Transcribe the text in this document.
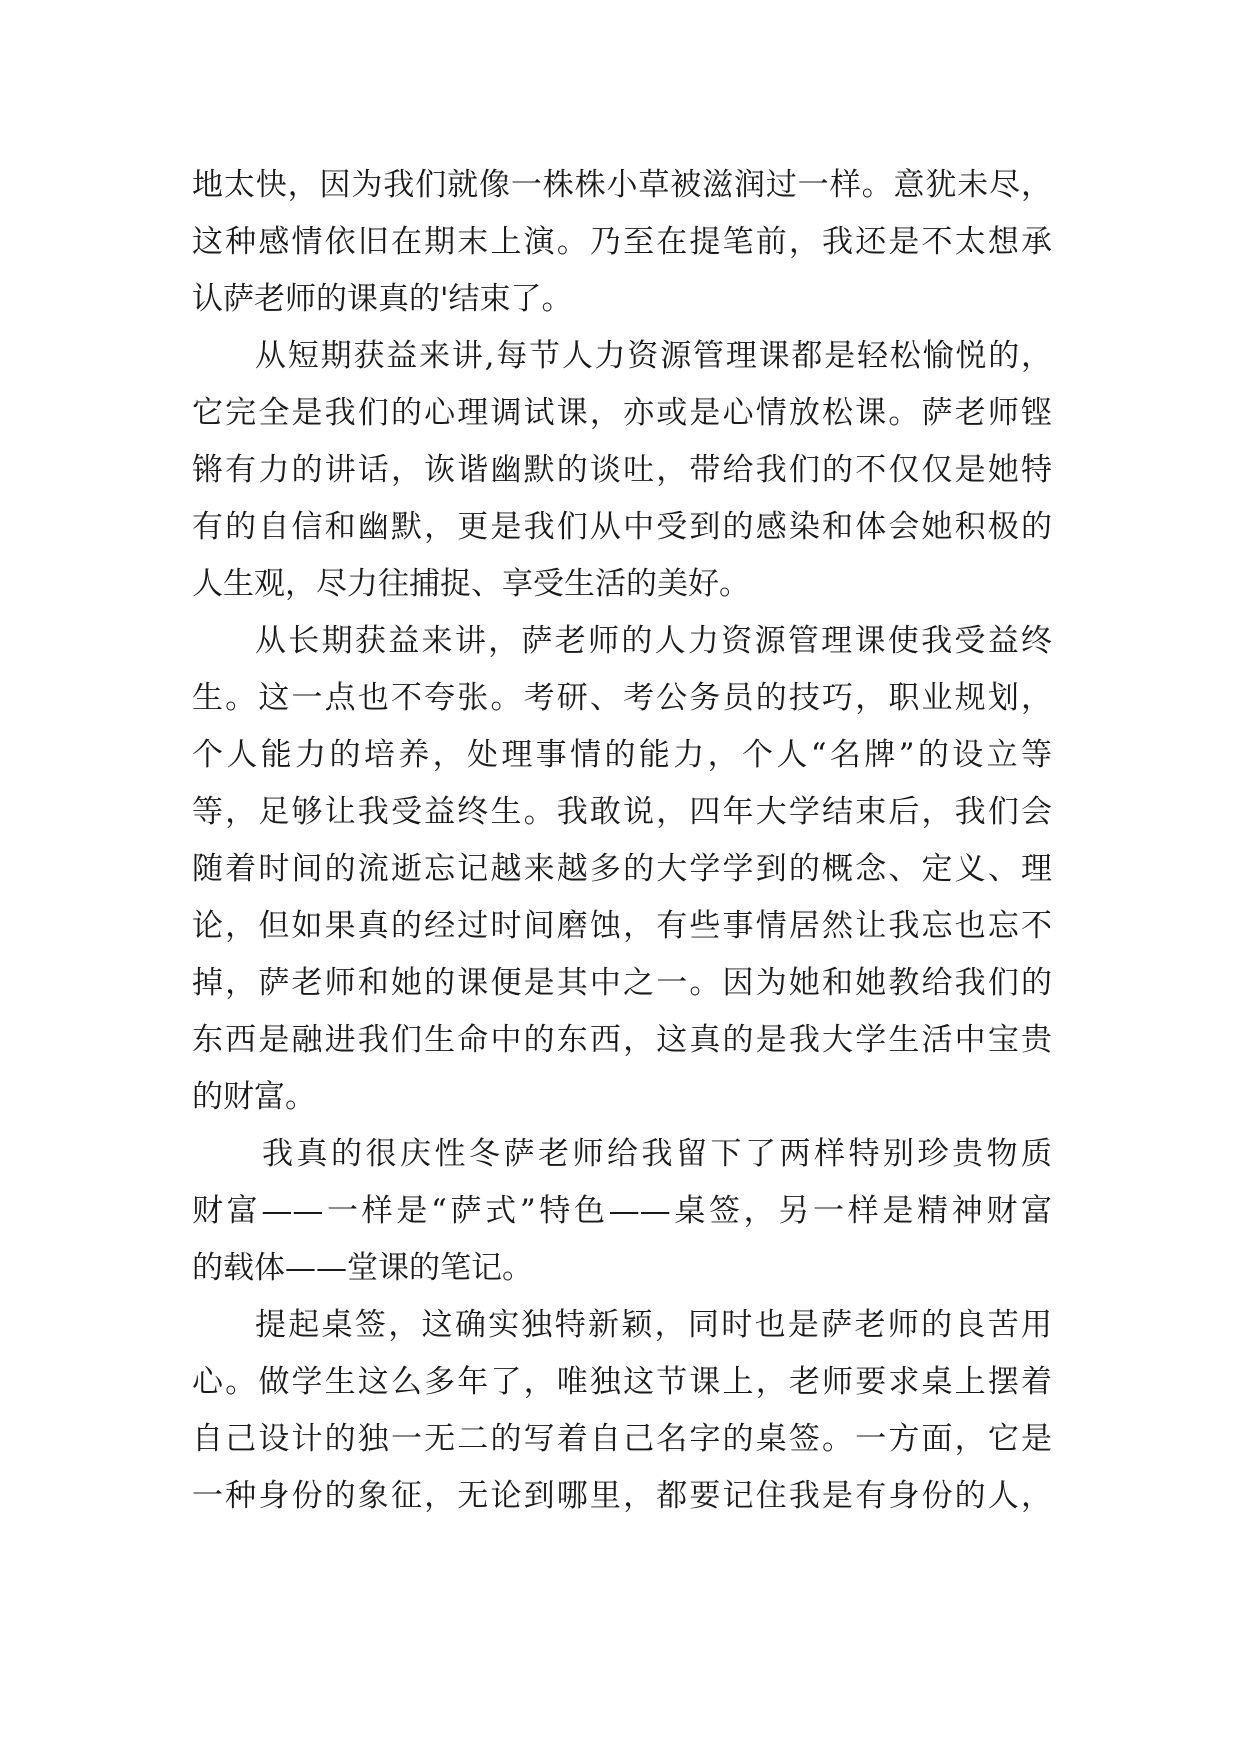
地太快，因为我们就像一株株小草被滋润过一样。意犹未尽，
这种感情依旧在期末上演。乃至在提笔前，我还是不太想承
认萨老师的课真的'结束了。
从短期获益来讲,每节人力资源管理课都是轻松愉悦的，
它完全是我们的心理调试课，亦或是心情放松课。萨老师铿
锵有力的讲话，诙谐幽默的谈吐，带给我们的不仅仅是她特
有的自信和幽默，更是我们从中受到的感染和体会她积极的
人生观，尽力往捕捉、享受生活的美好。
从长期获益来讲，萨老师的人力资源管理课使我受益终
生。这一点也不夸张。考研、考公务员的技巧，职业规划，
个人能力的培养，处理事情的能力，个人“名牌”的设立等
等，足够让我受益终生。我敢说，四年大学结束后，我们会
随着时间的流逝忘记越来越多的大学学到的概念、定义、理
论，但如果真的经过时间磨蚀，有些事情居然让我忘也忘不
掉，萨老师和她的课便是其中之一。因为她和她教给我们的
东西是融进我们生命中的东西，这真的是我大学生活中宝贵
的财富。
我真的很庆性冬萨老师给我留下了两样特别珍贵物质
财富——一样是“萨式”特色——桌签，另一样是精神财富
的载体——堂课的笔记。
提起桌签，这确实独特新颖，同时也是萨老师的良苦用
心。做学生这么多年了，唯独这节课上，老师要求桌上摆着
自己设计的独一无二的写着自己名字的桌签。一方面，它是
一种身份的象征，无论到哪里，都要记住我是有身份的人，
